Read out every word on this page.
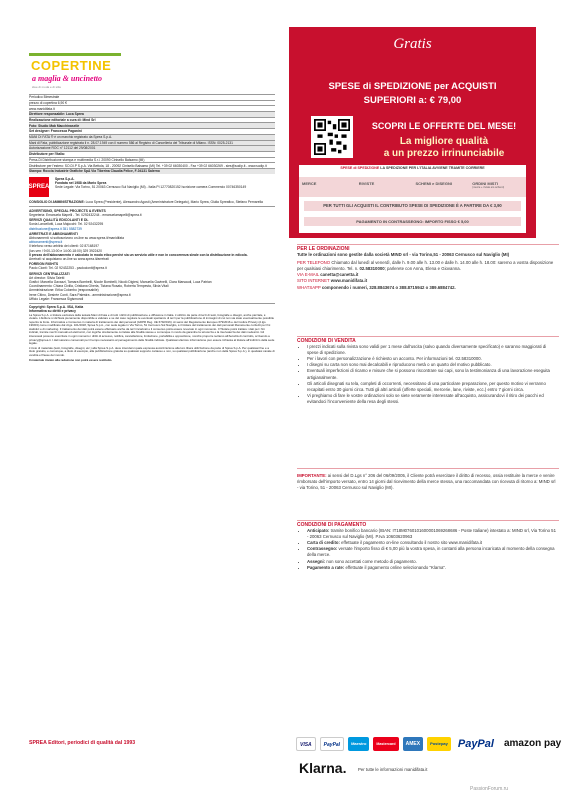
COPERTINE
a maglia & uncinetto
idee di moda e di stile
Periodico Bimestrale
prezzo di copertina 6,90 €
www.manidifata.it
Direttore responsabile: Luca Sprea
Realizzazione editoriale a cura di: Mind Srl
Foto: Studio Mab Macchinaselle
Set designer: Francesca Paganini
MANI DI FATA ® è un marchio registrato da Sprea S.p.A.
Mani di Fata, pubblicazione registrata il n. 28.07.1949 con il numero 586 al Registro di Cancelleria del Tribunale di Milano. ISSN: 0025-2131
Autorizzazione ROC n° 12112 del 29/08/2001
Distributore per l'Italia:
Press-Di Distribuzione stampa e multimedia S.r.l. 20090 Cinisello Balsamo (MI)
Distributore per l'estero: SO.DI.P S.p.A. Via Bettola, 18 - 20092 Cinisello Balsamo (MI) Tel. +39 02 66030400 - Fax +39 02 66030269 - sies@sodip.it - www.sodip.it
Stampa: Roccia Industrie Grafiche SpA Via Tiberina Claudia Felice, F-04131 Salerno
SPREA
Sprea S.p.A.
Fondata nel 1988 da Mario Sprea
Sede Legale: Via Torino, 51 20063 Cernusco Sul Naviglio (MI) - Italia PI 12770820152 Iscrizione camera Commercio 00746350149
CONSIGLIO DI AMMINISTRAZIONE: Luca Sprea (Presidente), Alessandro Agosti (Amministratore Delegato), Mario Sprea, Giulia Spreafico, Stefano Pernarella
ADVERTISING, SPECIAL PROJECTS & EVENTS
Segreteria: Emanuela Mapelli - Tel. 0292432244 - emanuelamapelli@sprea.it
SERVIZI QUALITÀ EDICOLANTI E DL
Sonia Lancellotti, Luca Majocchi: Tel. 02 92432295
distribuzione@sprea.it 351 5582739
ARRETRATI E ABBONAMENTI
Abbonamenti: si sottoscrivono on-line su www.sprea.it/manidifata
abbonamenti@sprea.it
Il telefono verso arbitrio dei clienti: 02 87168197
(lun-ven / 9:00-13:00 e 14:00-18:00) 329 3922420
Il prezzo dell'abbonamento è calcolato in modo etico perché sia un servizio utile e non in concorrenza sleale con la distribuzione in edicola.
Arretrati: si acquistano on-line su www.sprea.it/arretrati
FOREIGN RIGHTS
Paolo Cionti: Tel. 02 92432253 - paolocionti@sprea.it
SERVIZI CENTRALIZZATI
Art director: Silvia Taietti
Grafici: Marcella Gavazzi, Tamara Bombelli, Nicole Bombelli, Nicolò Digiesi, Manuella Gavinelli, Clara Marsaudi, Luca Patrian
Coordinamento: Chiara Civilla, Cristiana Gherla, Tiziana Rosato, Roberta Tempesta, Silvia Vitali
Amministrazione: Erika Colombo (responsabile)
Irene Citino, Desirée Conti, Sara Palestra - amministrazione@sprea.it
Ufficio Legale: Francesca Sigismondi
Copyright: Sprea S.p.A. /ISA, Katia
Informativa su diritti e privacy
La Sprea S.p.A. è titolare esclusiva della testata Mani di Fata e di tutti i diritti di pubblicazione e diffusione in Italia. L'utilizzo da parte di terzi di testi, fotografie e disegni, anche parziale, è vietato. L'Editore si dichiara pienamente disponibile a valutare e se del caso regolare le eventuali spettanze di terzi per la pubblicazione di immagini di cui non sia stato eventualmente possibile reperire la fonte. Informativa e Consenso in materia di trattamento dei dati personali (GDPR Reg. UE 679/2016). Ai sensi del Regolamento Europeo 679/2016 e del Codice Privacy (d.lgs. 196/03) come modificato dal d.lgs. 101/2018, Sprea S.p.A., con sede legale in Via Torino, 51 Cernusco Sul Naviglio, è il titolare del trattamento dei dati personali liberamente conferiti per fini statistici e di marketing. Il trattamento dei dati potrà essere effettuato anche da terzi incaricati e il consenso potrà essere revocato in ogni momento. Il Titolare potrà trattare i dati per i fini indicati, tramite mezzi manuali ed elettronici, con logiche strettamente correlate alle finalità stesse e comunque in modo da garantire la sicurezza e la riservatezza dei dati medesimi. Gli interessati possono esercitare in ogni momento i diritti di accesso, rettifica, cancellazione, limitazione, portabilità e opposizione, nonché proporre reclamo all'Autorità di controllo, scrivendo a privacy@sprea.it. I dati saranno conservati per il tempo necessario al perseguimento delle finalità indicate. Qualsiasi ulteriore informazione può essere richiesta al titolare all'indirizzo della sede legale.
L'invio di materiale (testi, fotografie, disegni, etc.) alla Sprea S.p.A. deve intendersi quale espressa autorizzazione alla loro libera utilizzazione da parte di Sprea S.p.A. Per qualsiasi fine e a titolo gratuito, e comunque, a titolo di esempio, alla pubblicazione gratuita su qualsiasi supporto cartaceo e non, su qualsiasi pubblicazione (anche non della Sprea S.p.A.), in qualsiasi canale di vendita e Paese del mondo.
Il materiale inviato alla redazione non potrà essere restituito.
SPREA Editori, periodici di qualità dal 1993
Gratis
SPESE di SPEDIZIONE per ACQUISTI
SUPERIORI a: € 79,00
SCOPRI LE OFFERTE DEL MESE!
La migliore qualità
a un prezzo irrinunciabile
SPESE di SPEDIZIONE LA SPEDIZIONE PER L'ITALIA AVVIENE TRAMITE CORRIERE
MERCE	RIVISTE	SCHEMI e DISEGNI	ORDINI MISTI
(merce + riviste e/o schemi)
PER TUTTI GLI ACQUISTI IL CONTRIBUTO SPESE DI SPEDIZIONE È A PARTIRE DA € 3,90
PAGAMENTO IN CONTRASSEGNO: IMPORTO FISSO € 5,00
PER LE ORDINAZIONI
Tutte le ordinazioni sono gestite dalla società MIND srl - via Torino,51 - 20063 Cernusco sul Naviglio (MI)
PER TELEFONO Chiamato dal lunedì al venerdì, dalle h. 9.00 alle h. 13.00 e dalle h. 14.00 alle h. 18.00: saremo a vostra disposizione per qualsiasi chiarimento. Tel. n. 02.58310000; parlerete con Anna, Elena e Giovanna.
VIA E-MAIL canetta@canetta.it
SITO INTERNET www.manidifata.it
WHATSAPP componendo i numeri, 328.8843674 o 388.8715942 o 389.6884742.
CONDIZIONI DI VENDITA
• I prezzi indicati sulla rivista sono validi per 1 mese dall'uscita (salvo quando diversamente specificato) e saranno maggiorati di spese di spedizione.
• Per i lavori con personalizzazione è richiesto un acconto. Per informazioni tel. 02.58310000.
• I disegni su carta non sono mai decalcabili e riproducono metà o un quarto del motivo pubblicato.
• Eventuali imperfezioni di ricamo e misure che si possono riscontrare sui capi, sono la testimonianza di una lavorazione eseguita artigianalmente.
• Gli articoli disegnati su tela, completi di occorrenti, necessitano di una particolare preparazione, per questo motivo vi verranno recapitati entro 30 giorni circa. Tutti gli altri articoli (offerte speciali, mercerie, lane, riviste, ecc.) entro 7 giorni circa.
• Vi preghiamo di fare le vostre ordinazioni solo se siete veramente interessate all'acquisto, assicurandovi il ritiro dei pacchi ed evitandoci l'inconveniente della resa degli stessi.
IMPORTANTE: ai sensi del D.Lgs n° 206 del 06/09/2005, il Cliente potrà esercitare il diritto di recesso, ossia restituire la merce e venire rimborsato dell'importo versato, entro 14 giorni dal ricevimento della merce stessa, una raccomandata con ricevuta di ritorno a: MIND srl - via Torino, 51 - 20063 Cernusco sul Naviglio (MI).
CONDIZIONI DI PAGAMENTO
• Anticipato: tramite bonifico bancario (IBAN: IT18M0760101600001069268686 - Poste Italiane) intestato a: MIND srl, Via Torino 51 - 20063 Cernusco sul Naviglio (MI). P.Iva 10603620963
• Carta di credito: effettuate il pagamento on-line consultando il nostro sito www.manidifata.it
• Contrassegno: versate l'importo fisso di € 5,00 più la vostra spesa, in contanti alla persona incaricata al momento della consegna della merce.
• Assegni: non sono accettati come metodo di pagamento.
• Pagamento a rate: effettuate il pagamento online selezionando "Klarna".
VISA	PayPal	Maestro	Mastercard	AMEX	Postepay PayPal	amazon pay
Klarna.	Per tutte le informazioni manidifata.it
PassionForum.ru
